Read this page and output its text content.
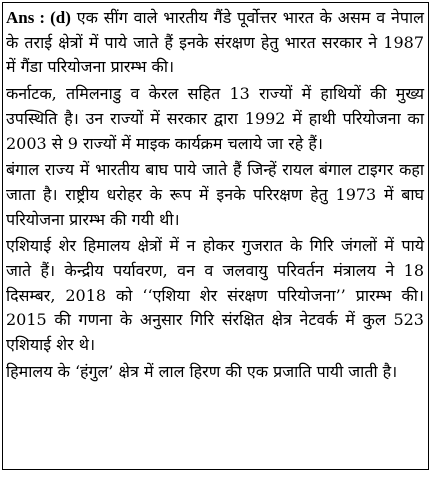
Ans : (d) एक सींग वाले भारतीय गैंडे पूर्वोत्तर भारत के असम व नेपाल के तराई क्षेत्रों में पाये जाते हैं इनके संरक्षण हेतु भारत सरकार ने 1987 में गैंडा परियोजना प्रारम्भ की।

कर्नाटक, तमिलनाडु व केरल सहित 13 राज्यों में हाथियों की मुख्य उपस्थिति है। उन राज्यों में सरकार द्वारा 1992 में हाथी परियोजना का 2003 से 9 राज्यों में माइक कार्यक्रम चलाये जा रहे हैं।

बंगाल राज्य में भारतीय बाघ पाये जाते हैं जिन्हें रायल बंगाल टाइगर कहा जाता है। राष्ट्रीय धरोहर के रूप में इनके परिरक्षण हेतु 1973 में बाघ परियोजना प्रारम्भ की गयी थी।

एशियाई शेर हिमालय क्षेत्रों में न होकर गुजरात के गिरि जंगलों में पाये जाते हैं। केन्द्रीय पर्यावरण, वन व जलवायु परिवर्तन मंत्रालय ने 18 दिसम्बर, 2018 को ‘‘एशिया शेर संरक्षण परियोजना’’ प्रारम्भ की। 2015 की गणना के अनुसार गिरि संरक्षित क्षेत्र नेटवर्क में कुल 523 एशियाई शेर थे।

हिमालय के ‘हंगुल’ क्षेत्र में लाल हिरण की एक प्रजाति पायी जाती है।
